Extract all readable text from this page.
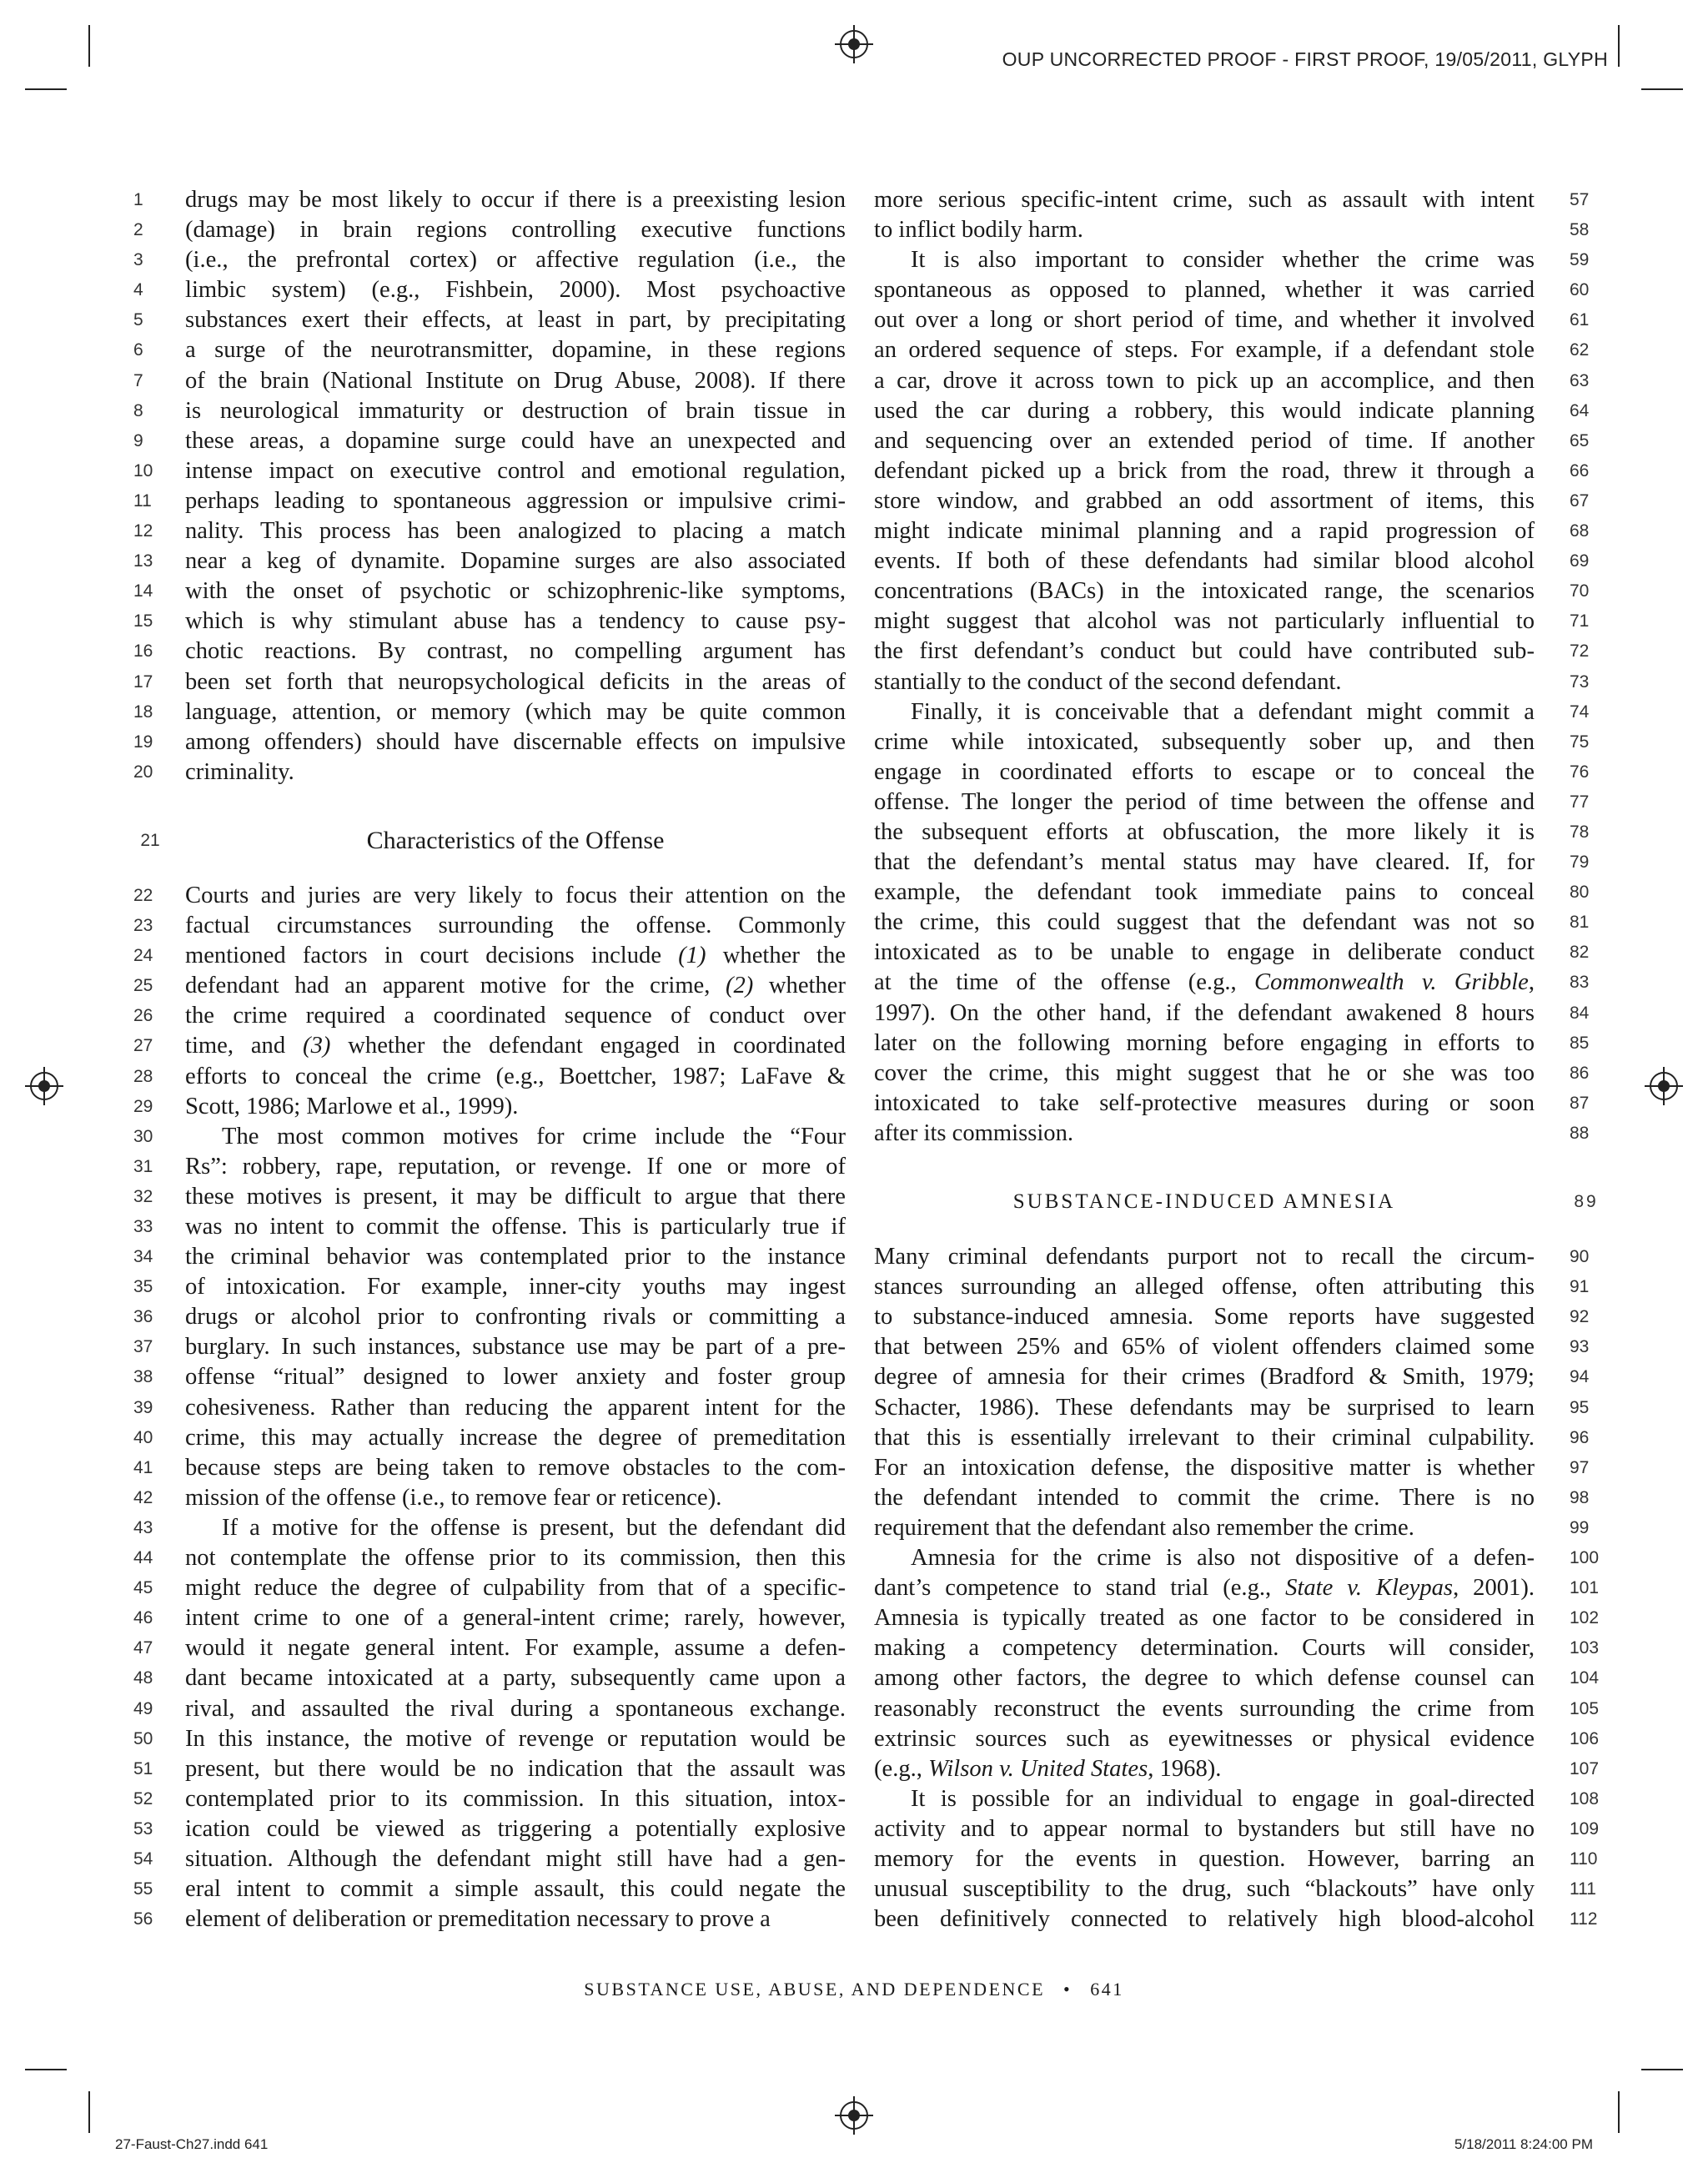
OUP UNCORRECTED PROOF - FIRST PROOF, 19/05/2011, GLYPH
1	drugs may be most likely to occur if there is a preexisting lesion
2	(damage) in brain regions controlling executive functions
3	(i.e., the prefrontal cortex) or affective regulation (i.e., the
4	limbic system) (e.g., Fishbein, 2000). Most psychoactive
5	substances exert their effects, at least in part, by precipitating
6	a surge of the neurotransmitter, dopamine, in these regions
7	of the brain (National Institute on Drug Abuse, 2008). If there
8	is neurological immaturity or destruction of brain tissue in
9	these areas, a dopamine surge could have an unexpected and
10	intense impact on executive control and emotional regulation,
11	perhaps leading to spontaneous aggression or impulsive crimi-
12	nality. This process has been analogized to placing a match
13	near a keg of dynamite. Dopamine surges are also associated
14	with the onset of psychotic or schizophrenic-like symptoms,
15	which is why stimulant abuse has a tendency to cause psy-
16	chotic reactions. By contrast, no compelling argument has
17	been set forth that neuropsychological deficits in the areas of
18	language, attention, or memory (which may be quite common
19	among offenders) should have discernable effects on impulsive
20	criminality.
21	Characteristics of the Offense
22	Courts and juries are very likely to focus their attention on the
23	factual circumstances surrounding the offense. Commonly
24	mentioned factors in court decisions include (1) whether the
25	defendant had an apparent motive for the crime, (2) whether
26	the crime required a coordinated sequence of conduct over
27	time, and (3) whether the defendant engaged in coordinated
28	efforts to conceal the crime (e.g., Boettcher, 1987; LaFave &
29	Scott, 1986; Marlowe et al., 1999).
30	The most common motives for crime include the “Four
31	Rs”: robbery, rape, reputation, or revenge. If one or more of
32	these motives is present, it may be difficult to argue that there
33	was no intent to commit the offense. This is particularly true if
34	the criminal behavior was contemplated prior to the instance
35	of intoxication. For example, inner-city youths may ingest
36	drugs or alcohol prior to confronting rivals or committing a
37	burglary. In such instances, substance use may be part of a pre-
38	offense “ritual” designed to lower anxiety and foster group
39	cohesiveness. Rather than reducing the apparent intent for the
40	crime, this may actually increase the degree of premeditation
41	because steps are being taken to remove obstacles to the com-
42	mission of the offense (i.e., to remove fear or reticence).
43	If a motive for the offense is present, but the defendant did
44	not contemplate the offense prior to its commission, then this
45	might reduce the degree of culpability from that of a specific-
46	intent crime to one of a general-intent crime; rarely, however,
47	would it negate general intent. For example, assume a defen-
48	dant became intoxicated at a party, subsequently came upon a
49	rival, and assaulted the rival during a spontaneous exchange.
50	In this instance, the motive of revenge or reputation would be
51	present, but there would be no indication that the assault was
52	contemplated prior to its commission. In this situation, intox-
53	ication could be viewed as triggering a potentially explosive
54	situation. Although the defendant might still have had a gen-
55	eral intent to commit a simple assault, this could negate the
56	element of deliberation or premeditation necessary to prove a
57
more serious specific-intent crime, such as assault with intent
58
to inflict bodily harm.
59
It is also important to consider whether the crime was
60
spontaneous as opposed to planned, whether it was carried
61
out over a long or short period of time, and whether it involved
62
an ordered sequence of steps. For example, if a defendant stole
63
a car, drove it across town to pick up an accomplice, and then
64
used the car during a robbery, this would indicate planning
65
and sequencing over an extended period of time. If another
66
defendant picked up a brick from the road, threw it through a
67
store window, and grabbed an odd assortment of items, this
68
might indicate minimal planning and a rapid progression of
69
events. If both of these defendants had similar blood alcohol
70
concentrations (BACs) in the intoxicated range, the scenarios
71
might suggest that alcohol was not particularly influential to
72
the first defendant’s conduct but could have contributed sub-
73
stantially to the conduct of the second defendant.
74
Finally, it is conceivable that a defendant might commit a
75
crime while intoxicated, subsequently sober up, and then
76
engage in coordinated efforts to escape or to conceal the
77
offense. The longer the period of time between the offense and
78
the subsequent efforts at obfuscation, the more likely it is
79
that the defendant’s mental status may have cleared. If, for
80
example, the defendant took immediate pains to conceal
81
the crime, this could suggest that the defendant was not so
82
intoxicated as to be unable to engage in deliberate conduct
83
at the time of the offense (e.g., Commonwealth v. Gribble,
84
1997). On the other hand, if the defendant awakened 8 hours
85
later on the following morning before engaging in efforts to
86
cover the crime, this might suggest that he or she was too
87
intoxicated to take self-protective measures during or soon
88
after its commission.
89
SUBSTANCE-INDUCED AMNESIA
90
Many criminal defendants purport not to recall the circum-
91
stances surrounding an alleged offense, often attributing this
92
to substance-induced amnesia. Some reports have suggested
93
that between 25% and 65% of violent offenders claimed some
94
degree of amnesia for their crimes (Bradford & Smith, 1979;
95
Schacter, 1986). These defendants may be surprised to learn
96
that this is essentially irrelevant to their criminal culpability.
97
For an intoxication defense, the dispositive matter is whether
98
the defendant intended to commit the crime. There is no
99
requirement that the defendant also remember the crime.
100
Amnesia for the crime is also not dispositive of a defen-
101
dant’s competence to stand trial (e.g., State v. Kleypas, 2001).
102
Amnesia is typically treated as one factor to be considered in
103
making a competency determination. Courts will consider,
104
among other factors, the degree to which defense counsel can
105
reasonably reconstruct the events surrounding the crime from
106
extrinsic sources such as eyewitnesses or physical evidence
107
(e.g., Wilson v. United States, 1968).
108
It is possible for an individual to engage in goal-directed
109
activity and to appear normal to bystanders but still have no
110
memory for the events in question. However, barring an
111
unusual susceptibility to the drug, such “blackouts” have only
112
been definitively connected to relatively high blood-alcohol
SUBSTANCE USE, ABUSE, AND DEPENDENCE • 641
27-Faust-Ch27.indd 641	5/18/2011 8:24:00 PM
